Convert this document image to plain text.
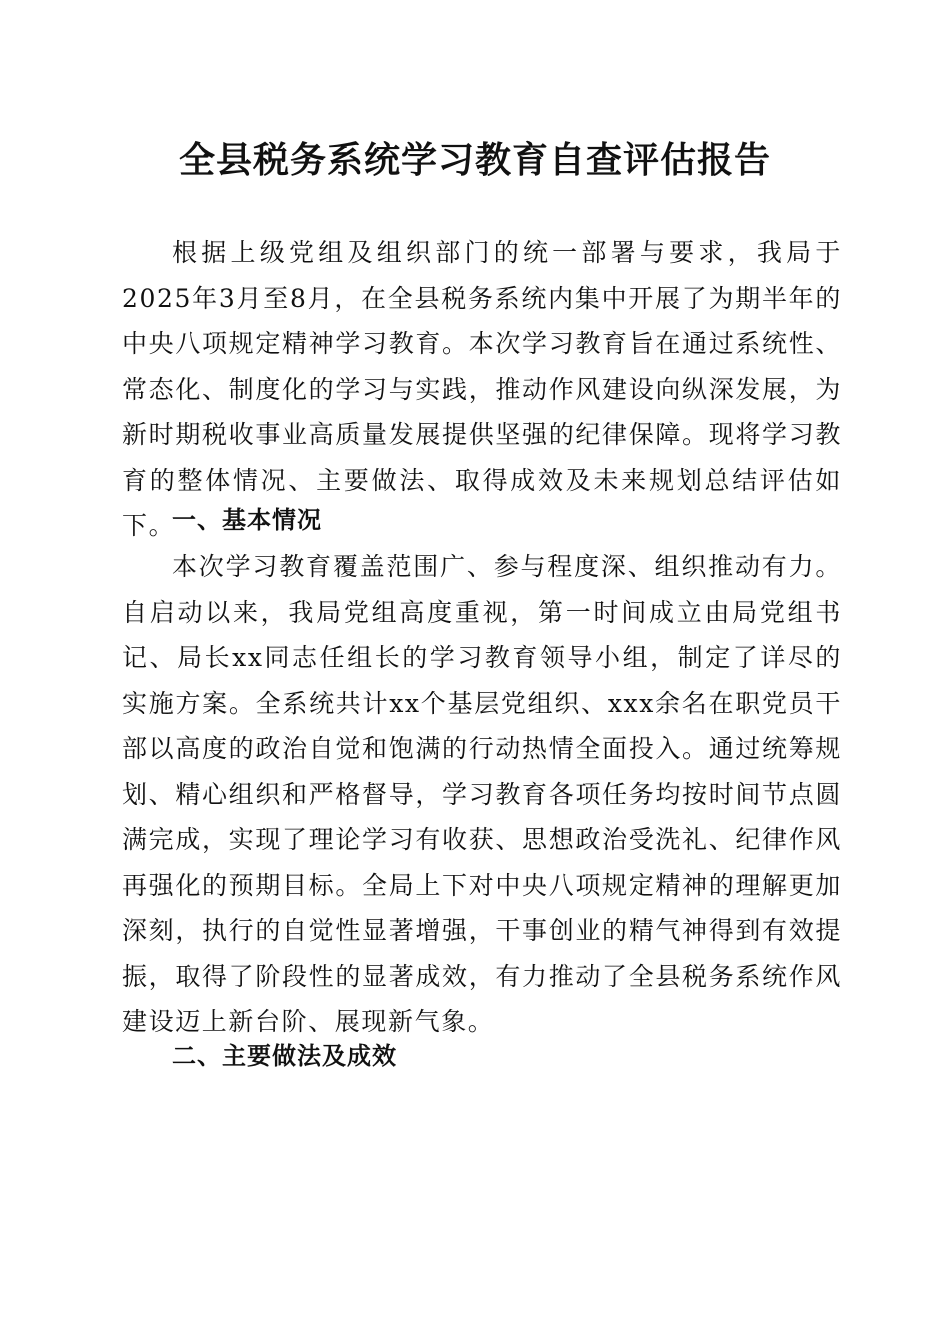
全县税务系统学习教育自查评估报告

根据上级党组及组织部门的统一部署与要求，我局于2025年3月至8月，在全县税务系统内集中开展了为期半年的中央八项规定精神学习教育。本次学习教育旨在通过系统性、常态化、制度化的学习与实践，推动作风建设向纵深发展，为新时期税收事业高质量发展提供坚强的纪律保障。现将学习教育的整体情况、主要做法、取得成效及未来规划总结评估如下。

一、基本情况

本次学习教育覆盖范围广、参与程度深、组织推动有力。自启动以来，我局党组高度重视，第一时间成立由局党组书记、局长xx同志任组长的学习教育领导小组，制定了详尽的实施方案。全系统共计xx个基层党组织、xxx余名在职党员干部以高度的政治自觉和饱满的行动热情全面投入。通过统筹规划、精心组织和严格督导，学习教育各项任务均按时间节点圆满完成，实现了理论学习有收获、思想政治受洗礼、纪律作风再强化的预期目标。全局上下对中央八项规定精神的理解更加深刻，执行的自觉性显著增强，干事创业的精气神得到有效提振，取得了阶段性的显著成效，有力推动了全县税务系统作风建设迈上新台阶、展现新气象。

二、主要做法及成效
